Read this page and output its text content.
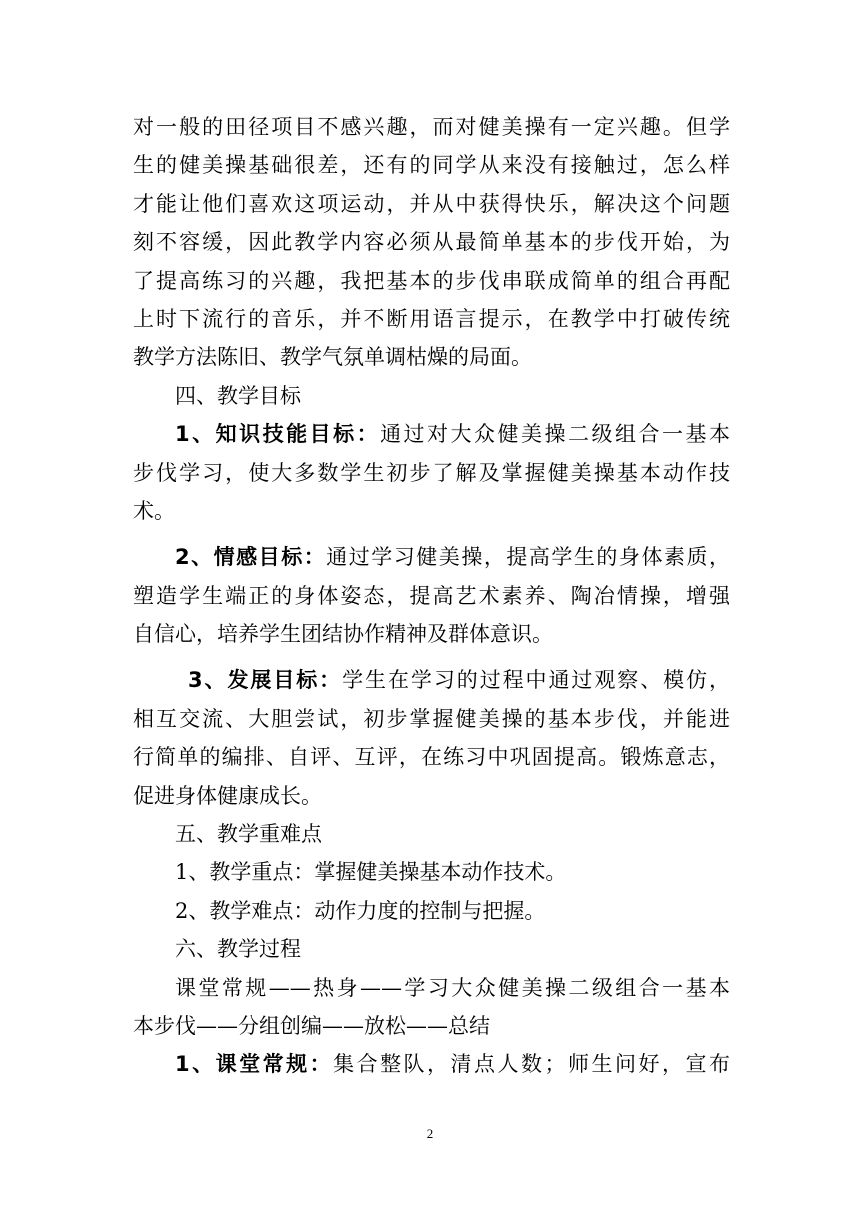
对一般的田径项目不感兴趣，而对健美操有一定兴趣。但学
生的健美操基础很差，还有的同学从来没有接触过，怎么样
才能让他们喜欢这项运动，并从中获得快乐，解决这个问题
刻不容缓，因此教学内容必须从最简单基本的步伐开始，为
了提高练习的兴趣，我把基本的步伐串联成简单的组合再配
上时下流行的音乐，并不断用语言提示，在教学中打破传统
教学方法陈旧、教学气氛单调枯燥的局面。
四、教学目标
1、知识技能目标：通过对大众健美操二级组合一基本
步伐学习，使大多数学生初步了解及掌握健美操基本动作技
术。
2、情感目标：通过学习健美操，提高学生的身体素质，
塑造学生端正的身体姿态，提高艺术素养、陶冶情操，增强
自信心，培养学生团结协作精神及群体意识。
3、发展目标：学生在学习的过程中通过观察、模仿，
相互交流、大胆尝试，初步掌握健美操的基本步伐，并能进
行简单的编排、自评、互评，在练习中巩固提高。锻炼意志，
促进身体健康成长。
五、教学重难点
1、教学重点：掌握健美操基本动作技术。
2、教学难点：动作力度的控制与把握。
六、教学过程
课堂常规——热身——学习大众健美操二级组合一基本
本步伐——分组创编——放松——总结
1、课堂常规：集合整队，清点人数；师生问好，宣布
2
